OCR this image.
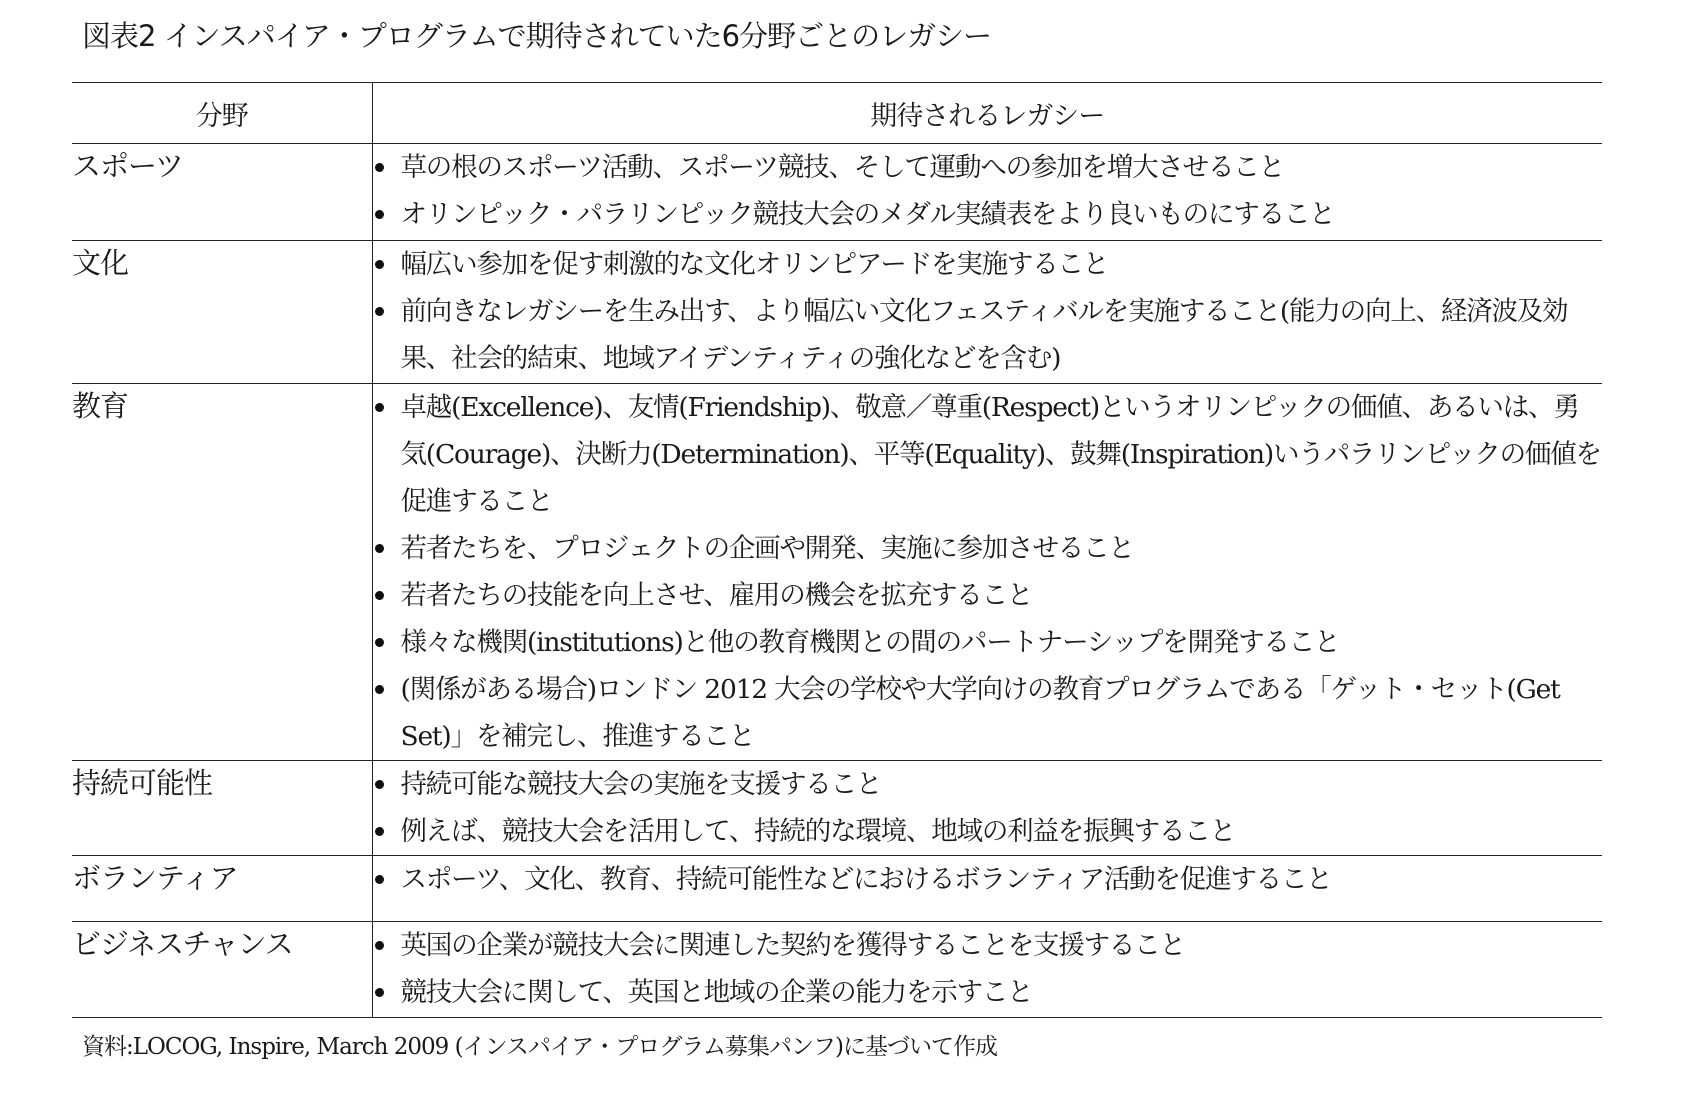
図表2 インスパイア・プログラムで期待されていた6分野ごとのレガシー
分野	期待されるレガシー
スポーツ	草の根のスポーツ活動、スポーツ競技、そして運動への参加を増大させること
オリンピック・パラリンピック競技大会のメダル実績表をより良いものにすること

文化	幅広い参加を促す刺激的な文化オリンピアードを実施すること
前向きなレガシーを生み出す、より幅広い文化フェスティバルを実施すること(能力の向上、経済波及効果、社会的結束、地域アイデンティティの強化などを含む)

教育	卓越(Excellence)、友情(Friendship)、敬意／尊重(Respect)というオリンピックの価値、あるいは、勇気(Courage)、決断力(Determination)、平等(Equality)、鼓舞(Inspiration)いうパラリンピックの価値を促進すること
若者たちを、プロジェクトの企画や開発、実施に参加させること
若者たちの技能を向上させ、雇用の機会を拡充すること
様々な機関(institutions)と他の教育機関との間のパートナーシップを開発すること
(関係がある場合)ロンドン 2012 大会の学校や大学向けの教育プログラムである「ゲット・セット(Get Set)」を補完し、推進すること

持続可能性	持続可能な競技大会の実施を支援すること
例えば、競技大会を活用して、持続的な環境、地域の利益を振興すること

ボランティア	スポーツ、文化、教育、持続可能性などにおけるボランティア活動を促進すること

ビジネスチャンス	英国の企業が競技大会に関連した契約を獲得することを支援すること
競技大会に関して、英国と地域の企業の能力を示すこと
資料:LOCOG, Inspire, March 2009 (インスパイア・プログラム募集パンフ)に基づいて作成
